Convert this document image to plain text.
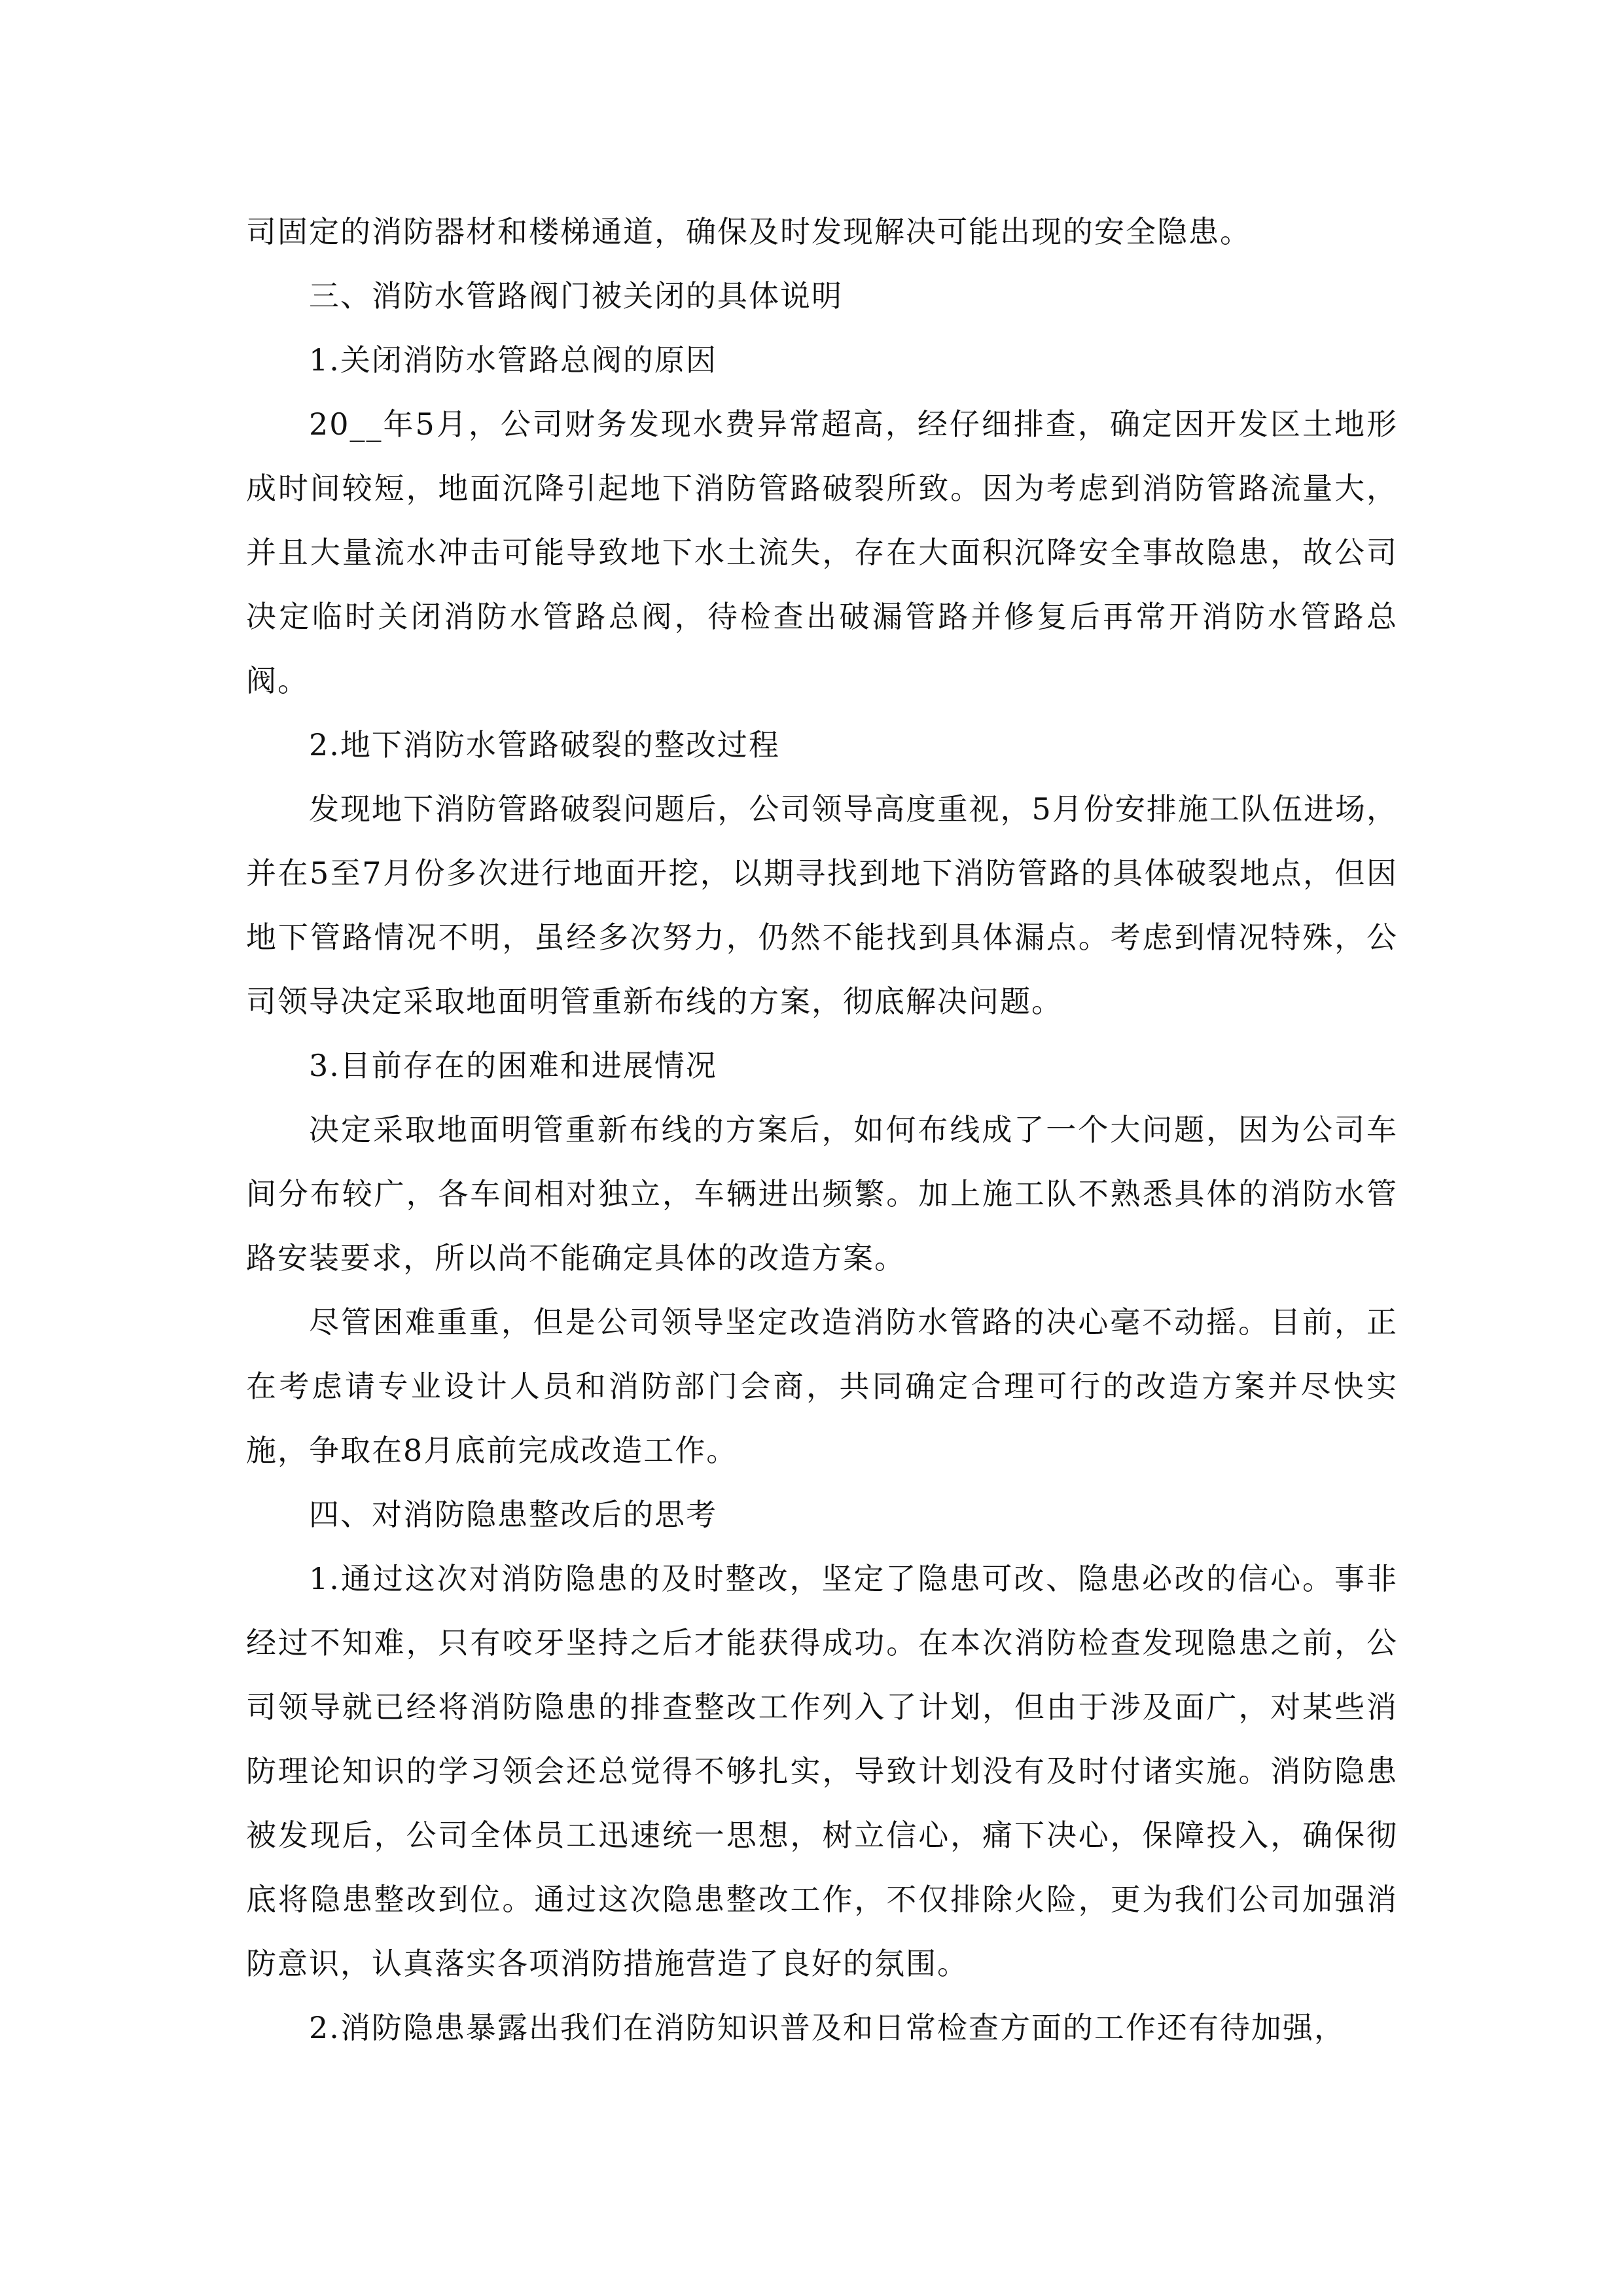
司固定的消防器材和楼梯通道，确保及时发现解决可能出现的安全隐患。

三、消防水管路阀门被关闭的具体说明

1.关闭消防水管路总阀的原因

20__年5月，公司财务发现水费异常超高，经仔细排查，确定因开发区土地形成时间较短，地面沉降引起地下消防管路破裂所致。因为考虑到消防管路流量大，并且大量流水冲击可能导致地下水土流失，存在大面积沉降安全事故隐患，故公司决定临时关闭消防水管路总阀，待检查出破漏管路并修复后再常开消防水管路总阀。

2.地下消防水管路破裂的整改过程

发现地下消防管路破裂问题后，公司领导高度重视，5月份安排施工队伍进场，并在5至7月份多次进行地面开挖，以期寻找到地下消防管路的具体破裂地点，但因地下管路情况不明，虽经多次努力，仍然不能找到具体漏点。考虑到情况特殊，公司领导决定采取地面明管重新布线的方案，彻底解决问题。

3.目前存在的困难和进展情况

决定采取地面明管重新布线的方案后，如何布线成了一个大问题，因为公司车间分布较广，各车间相对独立，车辆进出频繁。加上施工队不熟悉具体的消防水管路安装要求，所以尚不能确定具体的改造方案。

尽管困难重重，但是公司领导坚定改造消防水管路的决心毫不动摇。目前，正在考虑请专业设计人员和消防部门会商，共同确定合理可行的改造方案并尽快实施，争取在8月底前完成改造工作。

四、对消防隐患整改后的思考

1.通过这次对消防隐患的及时整改，坚定了隐患可改、隐患必改的信心。事非经过不知难，只有咬牙坚持之后才能获得成功。在本次消防检查发现隐患之前，公司领导就已经将消防隐患的排查整改工作列入了计划，但由于涉及面广，对某些消防理论知识的学习领会还总觉得不够扎实，导致计划没有及时付诸实施。消防隐患被发现后，公司全体员工迅速统一思想，树立信心，痛下决心，保障投入，确保彻底将隐患整改到位。通过这次隐患整改工作，不仅排除火险，更为我们公司加强消防意识，认真落实各项消防措施营造了良好的氛围。

2.消防隐患暴露出我们在消防知识普及和日常检查方面的工作还有待加强，
